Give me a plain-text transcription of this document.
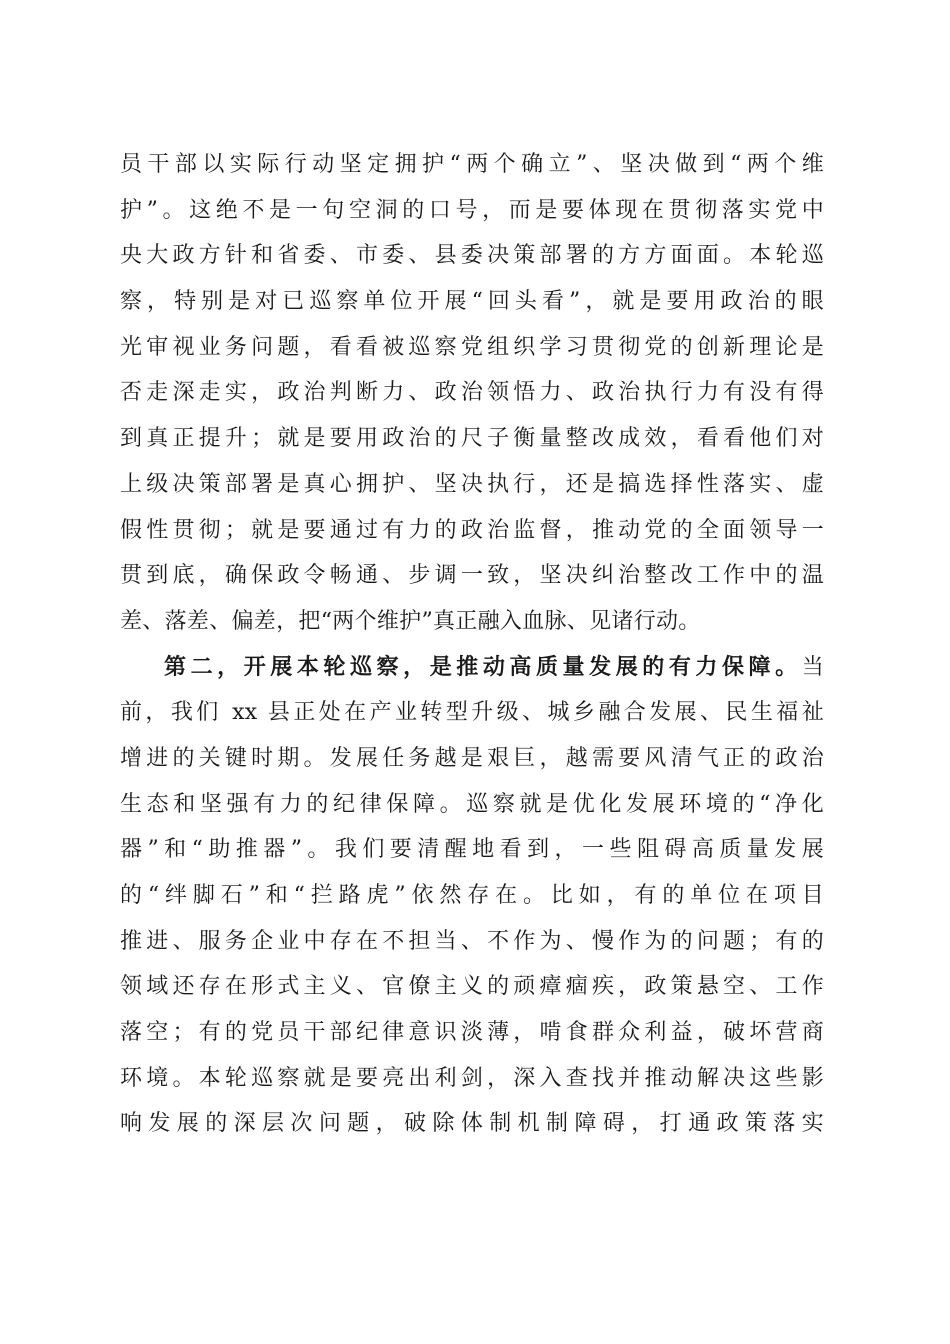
员干部以实际行动坚定拥护“两个确立”、坚决做到“两个维
护”。这绝不是一句空洞的口号，而是要体现在贯彻落实党中
央大政方针和省委、市委、县委决策部署的方方面面。本轮巡
察，特别是对已巡察单位开展“回头看”，就是要用政治的眼
光审视业务问题，看看被巡察党组织学习贯彻党的创新理论是
否走深走实，政治判断力、政治领悟力、政治执行力有没有得
到真正提升；就是要用政治的尺子衡量整改成效，看看他们对
上级决策部署是真心拥护、坚决执行，还是搞选择性落实、虚
假性贯彻；就是要通过有力的政治监督，推动党的全面领导一
贯到底，确保政令畅通、步调一致，坚决纠治整改工作中的温
差、落差、偏差，把“两个维护”真正融入血脉、见诸行动。
第二，开展本轮巡察，是推动高质量发展的有力保障。当
前，我们 xx 县正处在产业转型升级、城乡融合发展、民生福祉
增进的关键时期。发展任务越是艰巨，越需要风清气正的政治
生态和坚强有力的纪律保障。巡察就是优化发展环境的“净化
器”和“助推器”。我们要清醒地看到，一些阻碍高质量发展
的“绊脚石”和“拦路虎”依然存在。比如，有的单位在项目
推进、服务企业中存在不担当、不作为、慢作为的问题；有的
领域还存在形式主义、官僚主义的顽瘴痼疾，政策悬空、工作
落空；有的党员干部纪律意识淡薄，啃食群众利益，破坏营商
环境。本轮巡察就是要亮出利剑，深入查找并推动解决这些影
响发展的深层次问题，破除体制机制障碍，打通政策落实
